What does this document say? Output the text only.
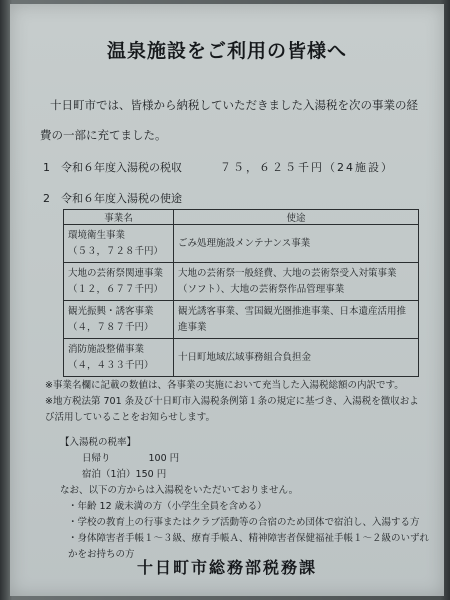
温泉施設をご利用の皆様へ
十日町市では、皆様から納税していただきました入湯税を次の事業の経費の一部に充てました。
1　令和６年度入湯税の税収	７５，６２５千円（24施設）
2　令和６年度入湯税の使途
事業名	使途

環境衛生事業
（５３，７２８千円）	ごみ処理施設メンテナンス事業

大地の芸術祭関連事業
（１２，６７７千円）	大地の芸術祭一般経費、大地の芸術祭受入対策事業（ソフト）、大地の芸術祭作品管理事業

観光振興・誘客事業
（４，７８７千円）	観光誘客事業、雪国観光圏推進事業、日本遺産活用推進事業

消防施設整備事業
（４，４３３千円）	十日町地域広域事務組合負担金

※事業名欄に記載の数値は、各事業の実施において充当した入湯税総額の内訳です。

※地方税法第 701 条及び十日町市入湯税条例第１条の規定に基づき、入湯税を徴収および活用していることをお知らせします。

【入湯税の税率】

日帰り	100 円

宿泊（1泊）150 円

なお、以下の方からは入湯税をいただいておりません。

・年齢 12 歳未満の方（小学生全員を含める）

・学校の教育上の行事またはクラブ活動等の合宿のため団体で宿泊し、入湯する方

・身体障害者手帳１～３級、療育手帳Ａ、精神障害者保健福祉手帳１～２級のいずれかをお持ちの方

十日町市総務部税務課
